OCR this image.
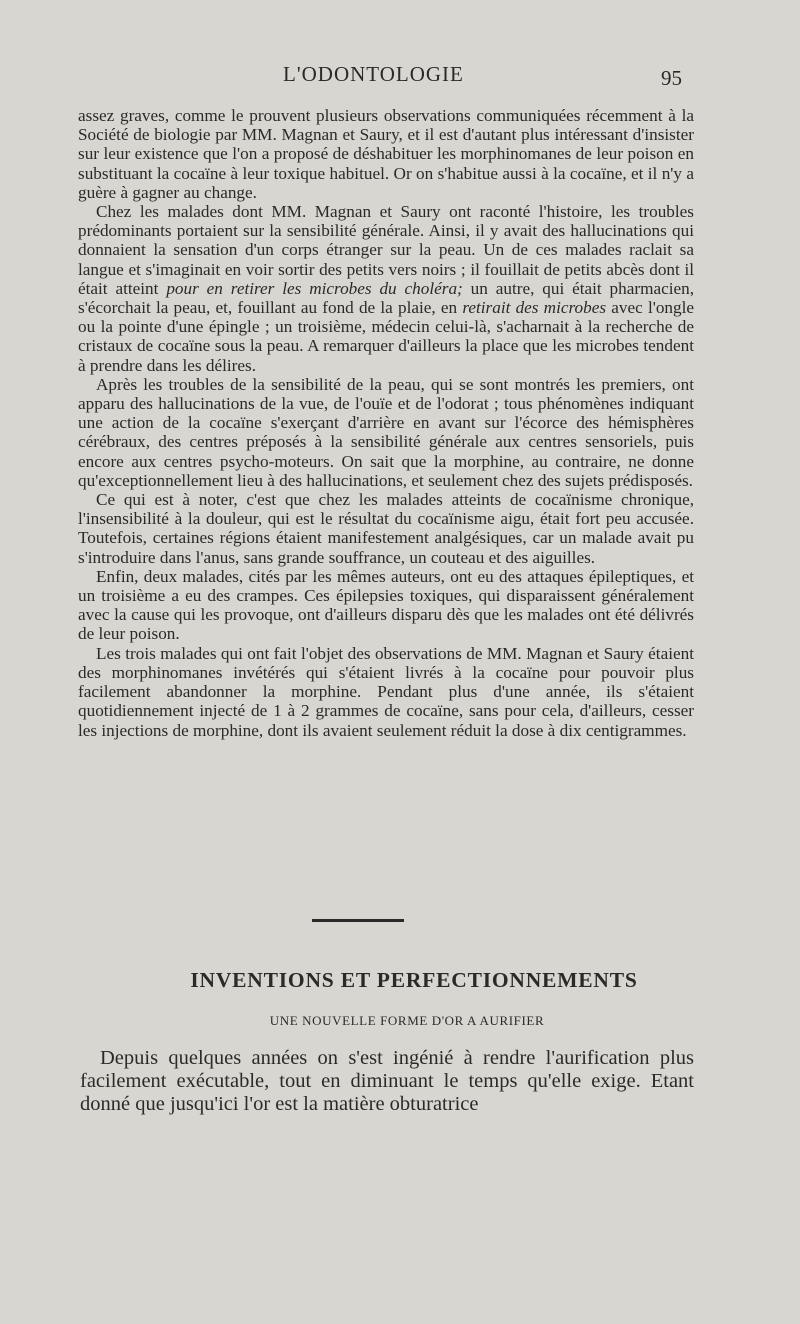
L'ODONTOLOGIE	95

assez graves, comme le prouvent plusieurs observations communiquées récemment à la Société de biologie par MM. Magnan et Saury, et il est d'autant plus intéressant d'insister sur leur existence que l'on a proposé de déshabituer les morphinomanes de leur poison en substituant la cocaïne à leur toxique habituel. Or on s'habitue aussi à la cocaïne, et il n'y a guère à gagner au change.

Chez les malades dont MM. Magnan et Saury ont raconté l'histoire, les troubles prédominants portaient sur la sensibilité générale. Ainsi, il y avait des hallucinations qui donnaient la sensation d'un corps étranger sur la peau. Un de ces malades raclait sa langue et s'imaginait en voir sortir des petits vers noirs ; il fouillait de petits abcès dont il était atteint pour en retirer les microbes du choléra; un autre, qui était pharmacien, s'écorchait la peau, et, fouillant au fond de la plaie, en retirait des microbes avec l'ongle ou la pointe d'une épingle ; un troisième, médecin celui-là, s'acharnait à la recherche de cristaux de cocaïne sous la peau. A remarquer d'ailleurs la place que les microbes tendent à prendre dans les délires.

Après les troubles de la sensibilité de la peau, qui se sont montrés les premiers, ont apparu des hallucinations de la vue, de l'ouïe et de l'odorat ; tous phénomènes indiquant une action de la cocaïne s'exerçant d'arrière en avant sur l'écorce des hémisphères cérébraux, des centres préposés à la sensibilité générale aux centres sensoriels, puis encore aux centres psycho-moteurs. On sait que la morphine, au contraire, ne donne qu'exceptionnellement lieu à des hallucinations, et seulement chez des sujets prédisposés.

Ce qui est à noter, c'est que chez les malades atteints de cocaïnisme chronique, l'insensibilité à la douleur, qui est le résultat du cocaïnisme aigu, était fort peu accusée. Toutefois, certaines régions étaient manifestement analgésiques, car un malade avait pu s'introduire dans l'anus, sans grande souffrance, un couteau et des aiguilles.

Enfin, deux malades, cités par les mêmes auteurs, ont eu des attaques épileptiques, et un troisième a eu des crampes. Ces épilepsies toxiques, qui disparaissent généralement avec la cause qui les provoque, ont d'ailleurs disparu dès que les malades ont été délivrés de leur poison.

Les trois malades qui ont fait l'objet des observations de MM. Magnan et Saury étaient des morphinomanes invétérés qui s'étaient livrés à la cocaïne pour pouvoir plus facilement abandonner la morphine. Pendant plus d'une année, ils s'étaient quotidiennement injecté de 1 à 2 grammes de cocaïne, sans pour cela, d'ailleurs, cesser les injections de morphine, dont ils avaient seulement réduit la dose à dix centigrammes.

INVENTIONS ET PERFECTIONNEMENTS
UNE NOUVELLE FORME D'OR A AURIFIER

Depuis quelques années on s'est ingénié à rendre l'aurification plus facilement exécutable, tout en diminuant le temps qu'elle exige. Etant donné que jusqu'ici l'or est la matière obturatrice
